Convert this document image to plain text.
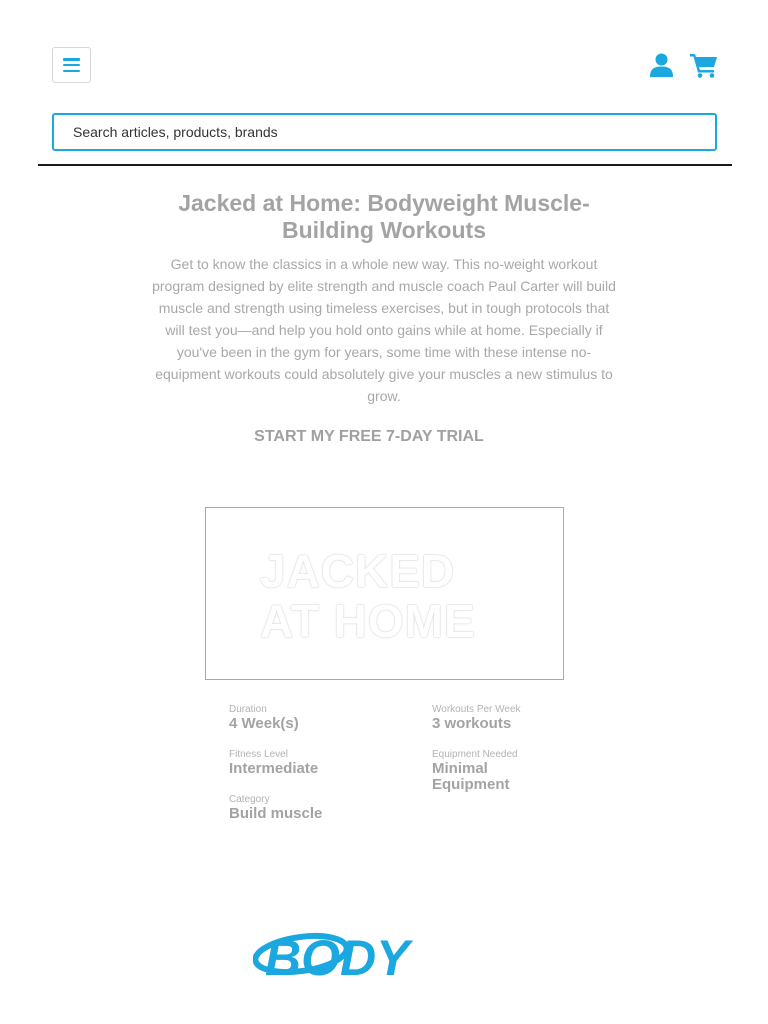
Search articles, products, brands
Jacked at Home: Bodyweight Muscle-Building Workouts

Get to know the classics in a whole new way. This no-weight workout program designed by elite strength and muscle coach Paul Carter will build muscle and strength using timeless exercises, but in tough protocols that will test you—and help you hold onto gains while at home. Especially if you've been in the gym for years, some time with these intense no-equipment workouts could absolutely give your muscles a new stimulus to grow.

START MY FREE 7-DAY TRIAL
JACKED
AT HOME
Duration
4 Week(s)
Workouts Per Week
3 workouts
Fitness Level
Intermediate
Equipment Needed
Minimal Equipment
Category
Build muscle
BODY
